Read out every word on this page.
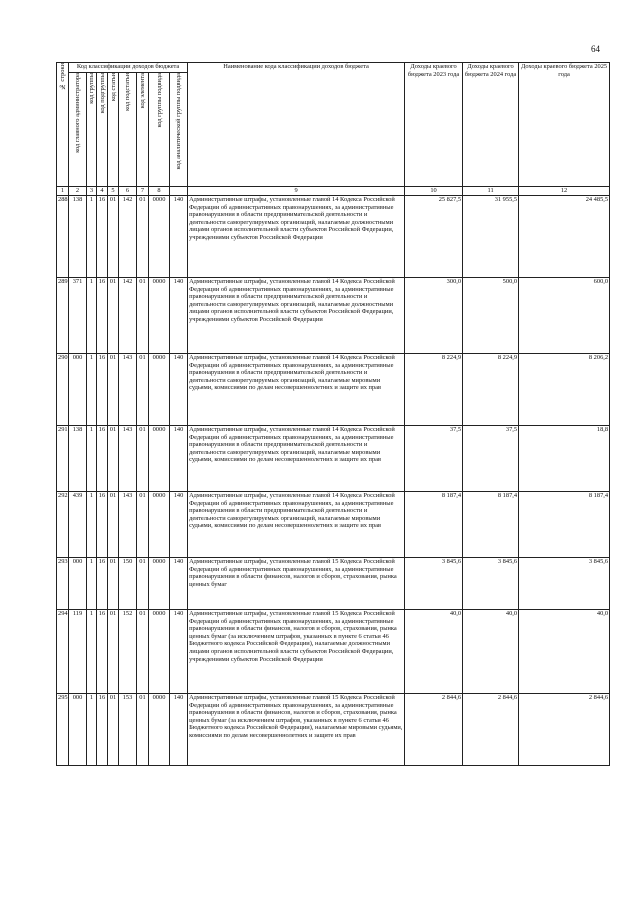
64
№ строки	Код классификации доходов бюджета								Наименование кода классификации доходов бюджета	Доходы краевого бюджета 2023 года	Доходы краевого бюджета 2024 года	Доходы краевого бюджета 2025 года

	код главного администратора	код группы	код подгруппы	код статьи	код подстатьи	код элемента	код группы подвида	код аналитической группы подвида				

1	2	3	4	5	6	7	8		9	10	11	12
288	138	1	16	01	142	01	0000	140	Административные штрафы, установленные главой 14 Кодекса Российской Федерации об административных правонарушениях, за административные правонарушения в области предпринимательской деятельности и деятельности саморегулируемых организаций, налагаемые должностными лицами органов исполнительной власти субъектов Российской Федерации, учреждениями субъектов Российской Федерации	25 827,5	31 955,5	24 485,5
289	371	1	16	01	142	01	0000	140	Административные штрафы, установленные главой 14 Кодекса Российской Федерации об административных правонарушениях, за административные правонарушения в области предпринимательской деятельности и деятельности саморегулируемых организаций, налагаемые должностными лицами органов исполнительной власти субъектов Российской Федерации, учреждениями субъектов Российской Федерации	300,0	500,0	600,0
290	000	1	16	01	143	01	0000	140	Административные штрафы, установленные главой 14 Кодекса Российской Федерации об административных правонарушениях, за административные правонарушения в области предпринимательской деятельности и деятельности саморегулируемых организаций, налагаемые мировыми судьями, комиссиями по делам несовершеннолетних и защите их прав	8 224,9	8 224,9	8 206,2
291	138	1	16	01	143	01	0000	140	Административные штрафы, установленные главой 14 Кодекса Российской Федерации об административных правонарушениях, за административные правонарушения в области предпринимательской деятельности и деятельности саморегулируемых организаций, налагаемые мировыми судьями, комиссиями по делам несовершеннолетних и защите их прав	37,5	37,5	18,8
292	439	1	16	01	143	01	0000	140	Административные штрафы, установленные главой 14 Кодекса Российской Федерации об административных правонарушениях, за административные правонарушения в области предпринимательской деятельности и деятельности саморегулируемых организаций, налагаемые мировыми судьями, комиссиями по делам несовершеннолетних и защите их прав	8 187,4	8 187,4	8 187,4
293	000	1	16	01	150	01	0000	140	Административные штрафы, установленные главой 15 Кодекса Российской Федерации об административных правонарушениях, за административные правонарушения в области финансов, налогов и сборов, страхования, рынка ценных бумаг	3 845,6	3 845,6	3 845,6
294	119	1	16	01	152	01	0000	140	Административные штрафы, установленные главой 15 Кодекса Российской Федерации об административных правонарушениях, за административные правонарушения в области финансов, налогов и сборов, страхования, рынка ценных бумаг (за исключением штрафов, указанных в пункте 6 статьи 46 Бюджетного кодекса Российской Федерации), налагаемые должностными лицами органов исполнительной власти субъектов Российской Федерации, учреждениями субъектов Российской Федерации	40,0	40,0	40,0
295	000	1	16	01	153	01	0000	140	Административные штрафы, установленные главой 15 Кодекса Российской Федерации об административных правонарушениях, за административные правонарушения в области финансов, налогов и сборов, страхования, рынка ценных бумаг (за исключением штрафов, указанных в пункте 6 статьи 46 Бюджетного кодекса Российской Федерации), налагаемые мировыми судьями, комиссиями по делам несовершеннолетних и защите их прав	2 844,6	2 844,6	2 844,6
